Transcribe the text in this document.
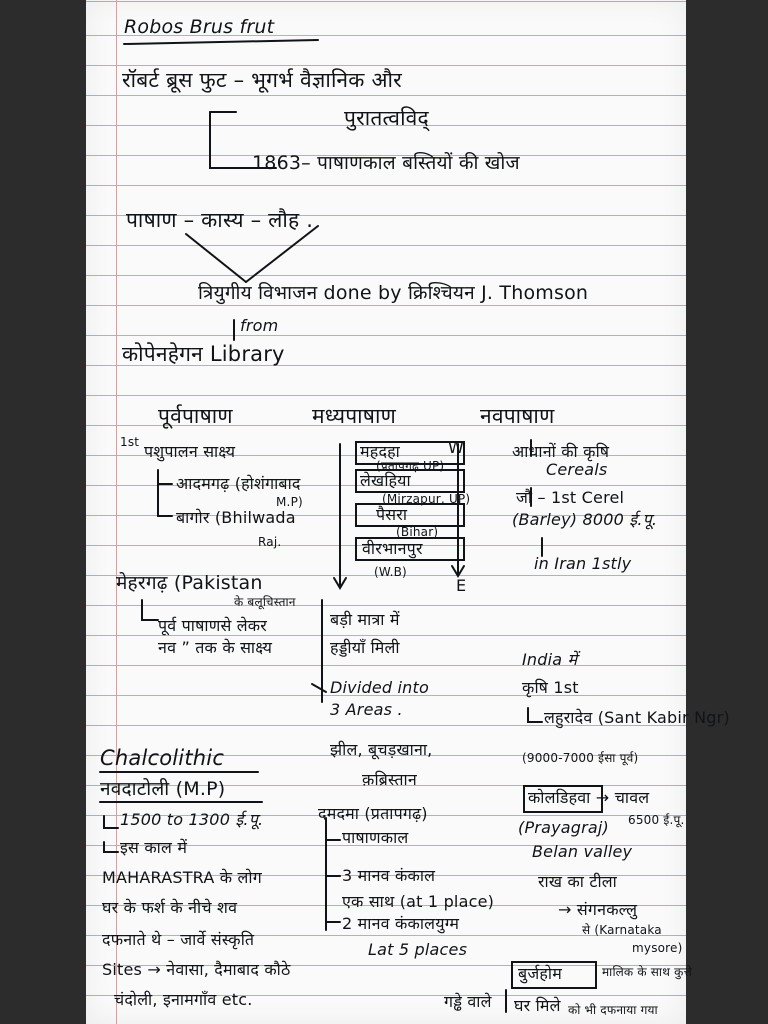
Robos Brus frut
रॉबर्ट ब्रूस फुट – भूगर्भ वैज्ञानिक और
पुरातत्वविद्
1863– पाषाणकाल बस्तियों की खोज
पाषाण – कास्य – लौह .
त्रियुगीय विभाजन done by क्रिश्चियन J. Thomson
from
कोपेनहेगन Library
पूर्वपाषाण	मध्यपाषाण	नवपाषाण
1st पशुपालन साक्ष्य
आदमगढ़ (होशंगाबाद
M.P)
बागोर (Bhilwada
Raj.
महदहा
(प्रतापगढ़ UP)
लेखहिया
(Mirzapur, UP)
पैसरा
(Bihar)
वीरभानपुर
(W.B)
W
E
आधानों की कृषि
Cereals
जौं – 1st Cerel
(Barley) 8000 ई.पू.
in Iran 1stly
मेहरगढ़ (Pakistan
के बलूचिस्तान
पूर्व पाषाणसे लेकर
नव ” तक के साक्ष्य
बड़ी मात्रा में
हड्डीयाँ मिली
Divided into
3 Areas .
झील, बूचड़खाना,
क़ब्रिस्तान
India में
कृषि 1st
लहुरादेव (Sant Kabir Ngr)
(9000-7000 ईसा पूर्व)
Chalcolithic
नवदाटोली (M.P)
1500 to 1300 ई.पू.
इस काल में
MAHARASTRA के लोग
घर के फर्श के नीचे शव
दफनाते थे – जार्वे संस्कृति
Sites → नेवासा, दैमाबाद कौठे
चंदोली, इनामगाँव etc.
दमदमा (प्रतापगढ़)
पाषाणकाल
3 मानव कंकाल
एक साथ (at 1 place)
2 मानव कंकालयुग्म
Lat 5 places
कोलडिहवा → चावल
6500 ई.पू.
(Prayagraj)
Belan valley
राख का टीला
→ संगनकल्लु
से (Karnataka
mysore)
बुर्जहोम	मालिक के साथ कुत्ते
गड्ढे वाले घर मिले को भी दफनाया गया
